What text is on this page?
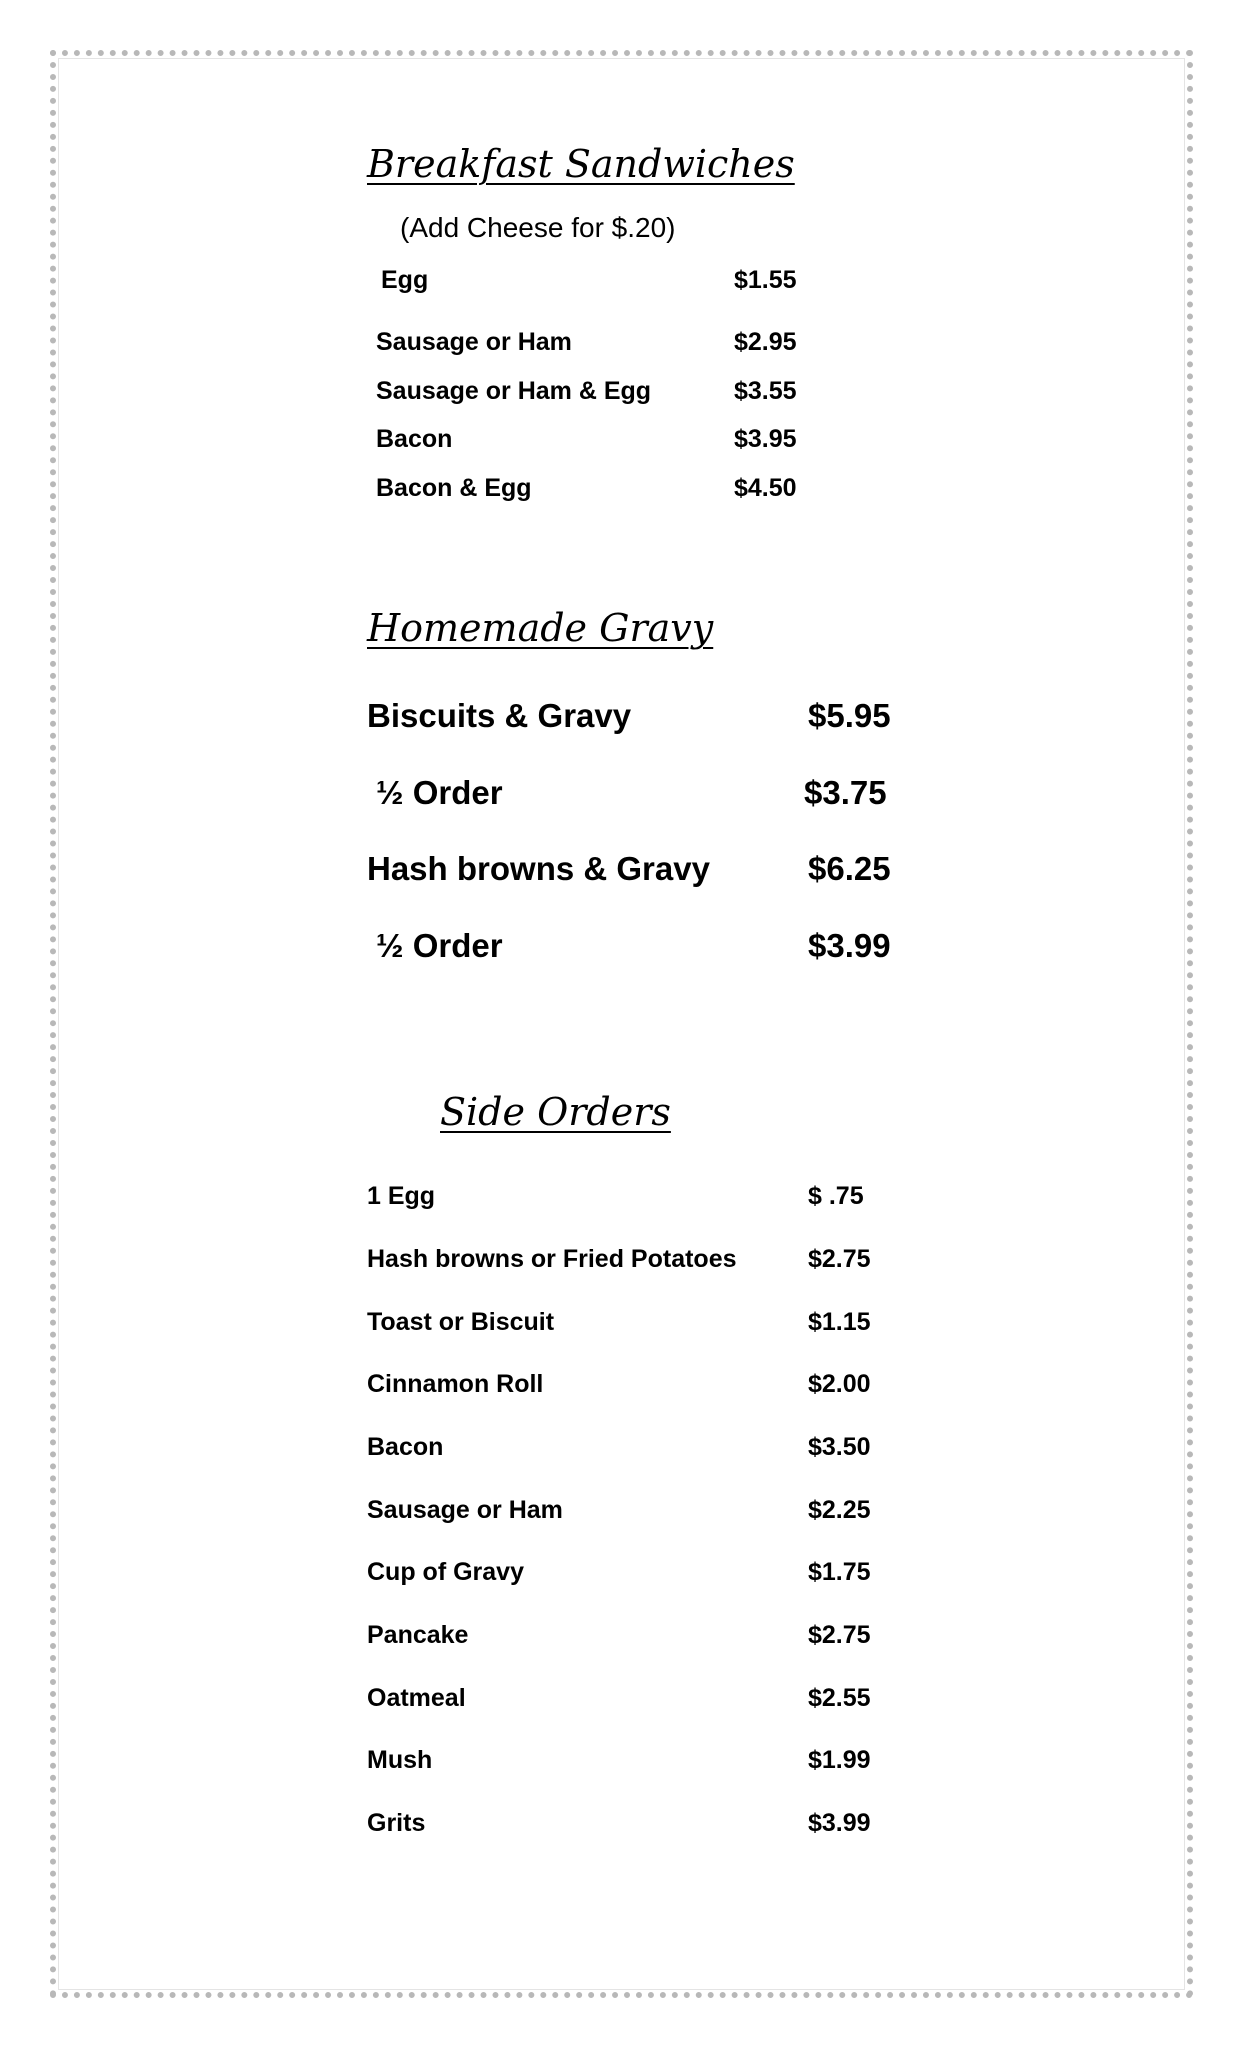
Breakfast Sandwiches
(Add Cheese for $.20)
Egg	$1.55
Sausage or Ham	$2.95
Sausage or Ham & Egg	$3.55
Bacon	$3.95
Bacon & Egg	$4.50
Homemade Gravy
Biscuits & Gravy	$5.95
½ Order	$3.75
Hash browns & Gravy	$6.25
½ Order	$3.99
Side Orders
1 Egg	$ .75
Hash browns or Fried Potatoes	$2.75
Toast or Biscuit	$1.15
Cinnamon Roll	$2.00
Bacon	$3.50
Sausage or Ham	$2.25
Cup of Gravy	$1.75
Pancake	$2.75
Oatmeal	$2.55
Mush	$1.99
Grits	$3.99
